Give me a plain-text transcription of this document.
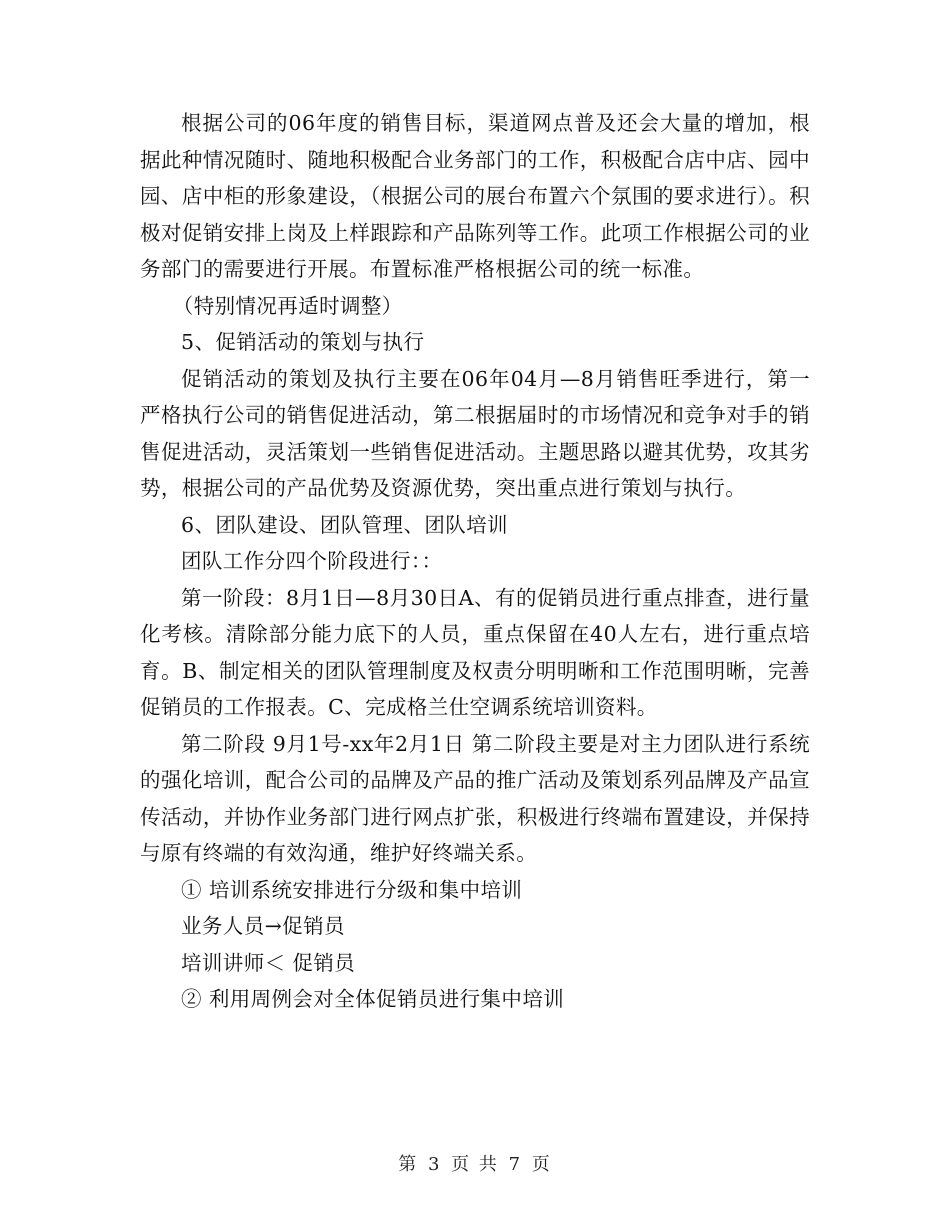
根据公司的06年度的销售目标，渠道网点普及还会大量的增加，根据此种情况随时、随地积极配合业务部门的工作，积极配合店中店、园中园、店中柜的形象建设，（根据公司的展台布置六个氛围的要求进行）。积极对促销安排上岗及上样跟踪和产品陈列等工作。此项工作根据公司的业务部门的需要进行开展。布置标准严格根据公司的统一标准。

（特别情况再适时调整）

5、促销活动的策划与执行

促销活动的策划及执行主要在06年04月—8月销售旺季进行，第一严格执行公司的销售促进活动，第二根据届时的市场情况和竞争对手的销售促进活动，灵活策划一些销售促进活动。主题思路以避其优势，攻其劣势，根据公司的产品优势及资源优势，突出重点进行策划与执行。

6、团队建设、团队管理、团队培训

团队工作分四个阶段进行：：

第一阶段：8月1日—8月30日A、有的促销员进行重点排查，进行量化考核。清除部分能力底下的人员，重点保留在40人左右，进行重点培育。B、制定相关的团队管理制度及权责分明明晰和工作范围明晰，完善促销员的工作报表。C、完成格兰仕空调系统培训资料。

第二阶段 9月1号-xx年2月1日 第二阶段主要是对主力团队进行系统的强化培训，配合公司的品牌及产品的推广活动及策划系列品牌及产品宣传活动，并协作业务部门进行网点扩张，积极进行终端布置建设，并保持与原有终端的有效沟通，维护好终端关系。

① 培训系统安排进行分级和集中培训

业务人员→促销员

培训讲师＜ 促销员

② 利用周例会对全体促销员进行集中培训

第 3 页 共 7 页
